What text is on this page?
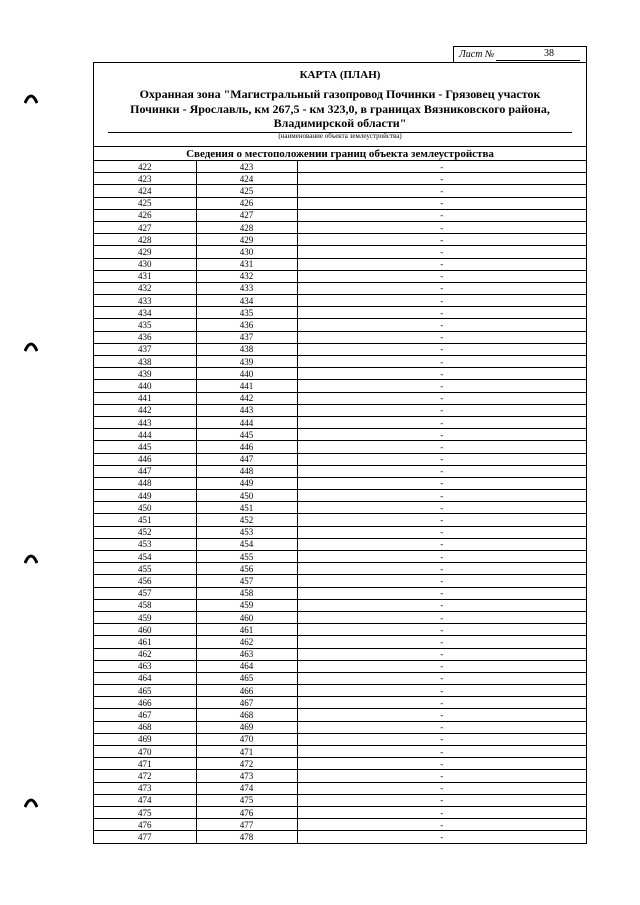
Лист №	38
КАРТА (ПЛАН)
Охранная зона "Магистральный газопровод Починки - Грязовец участок
Починки - Ярославль, км 267,5 - км 323,0, в границах Вязниковского района,
Владимирской области"
(наименование объекта землеустройства)
Сведения о местоположении границ объекта землеустройства
422	423	-
423	424	-
424	425	-
425	426	-
426	427	-
427	428	-
428	429	-
429	430	-
430	431	-
431	432	-
432	433	-
433	434	-
434	435	-
435	436	-
436	437	-
437	438	-
438	439	-
439	440	-
440	441	-
441	442	-
442	443	-
443	444	-
444	445	-
445	446	-
446	447	-
447	448	-
448	449	-
449	450	-
450	451	-
451	452	-
452	453	-
453	454	-
454	455	-
455	456	-
456	457	-
457	458	-
458	459	-
459	460	-
460	461	-
461	462	-
462	463	-
463	464	-
464	465	-
465	466	-
466	467	-
467	468	-
468	469	-
469	470	-
470	471	-
471	472	-
472	473	-
473	474	-
474	475	-
475	476	-
476	477	-
477	478	-
